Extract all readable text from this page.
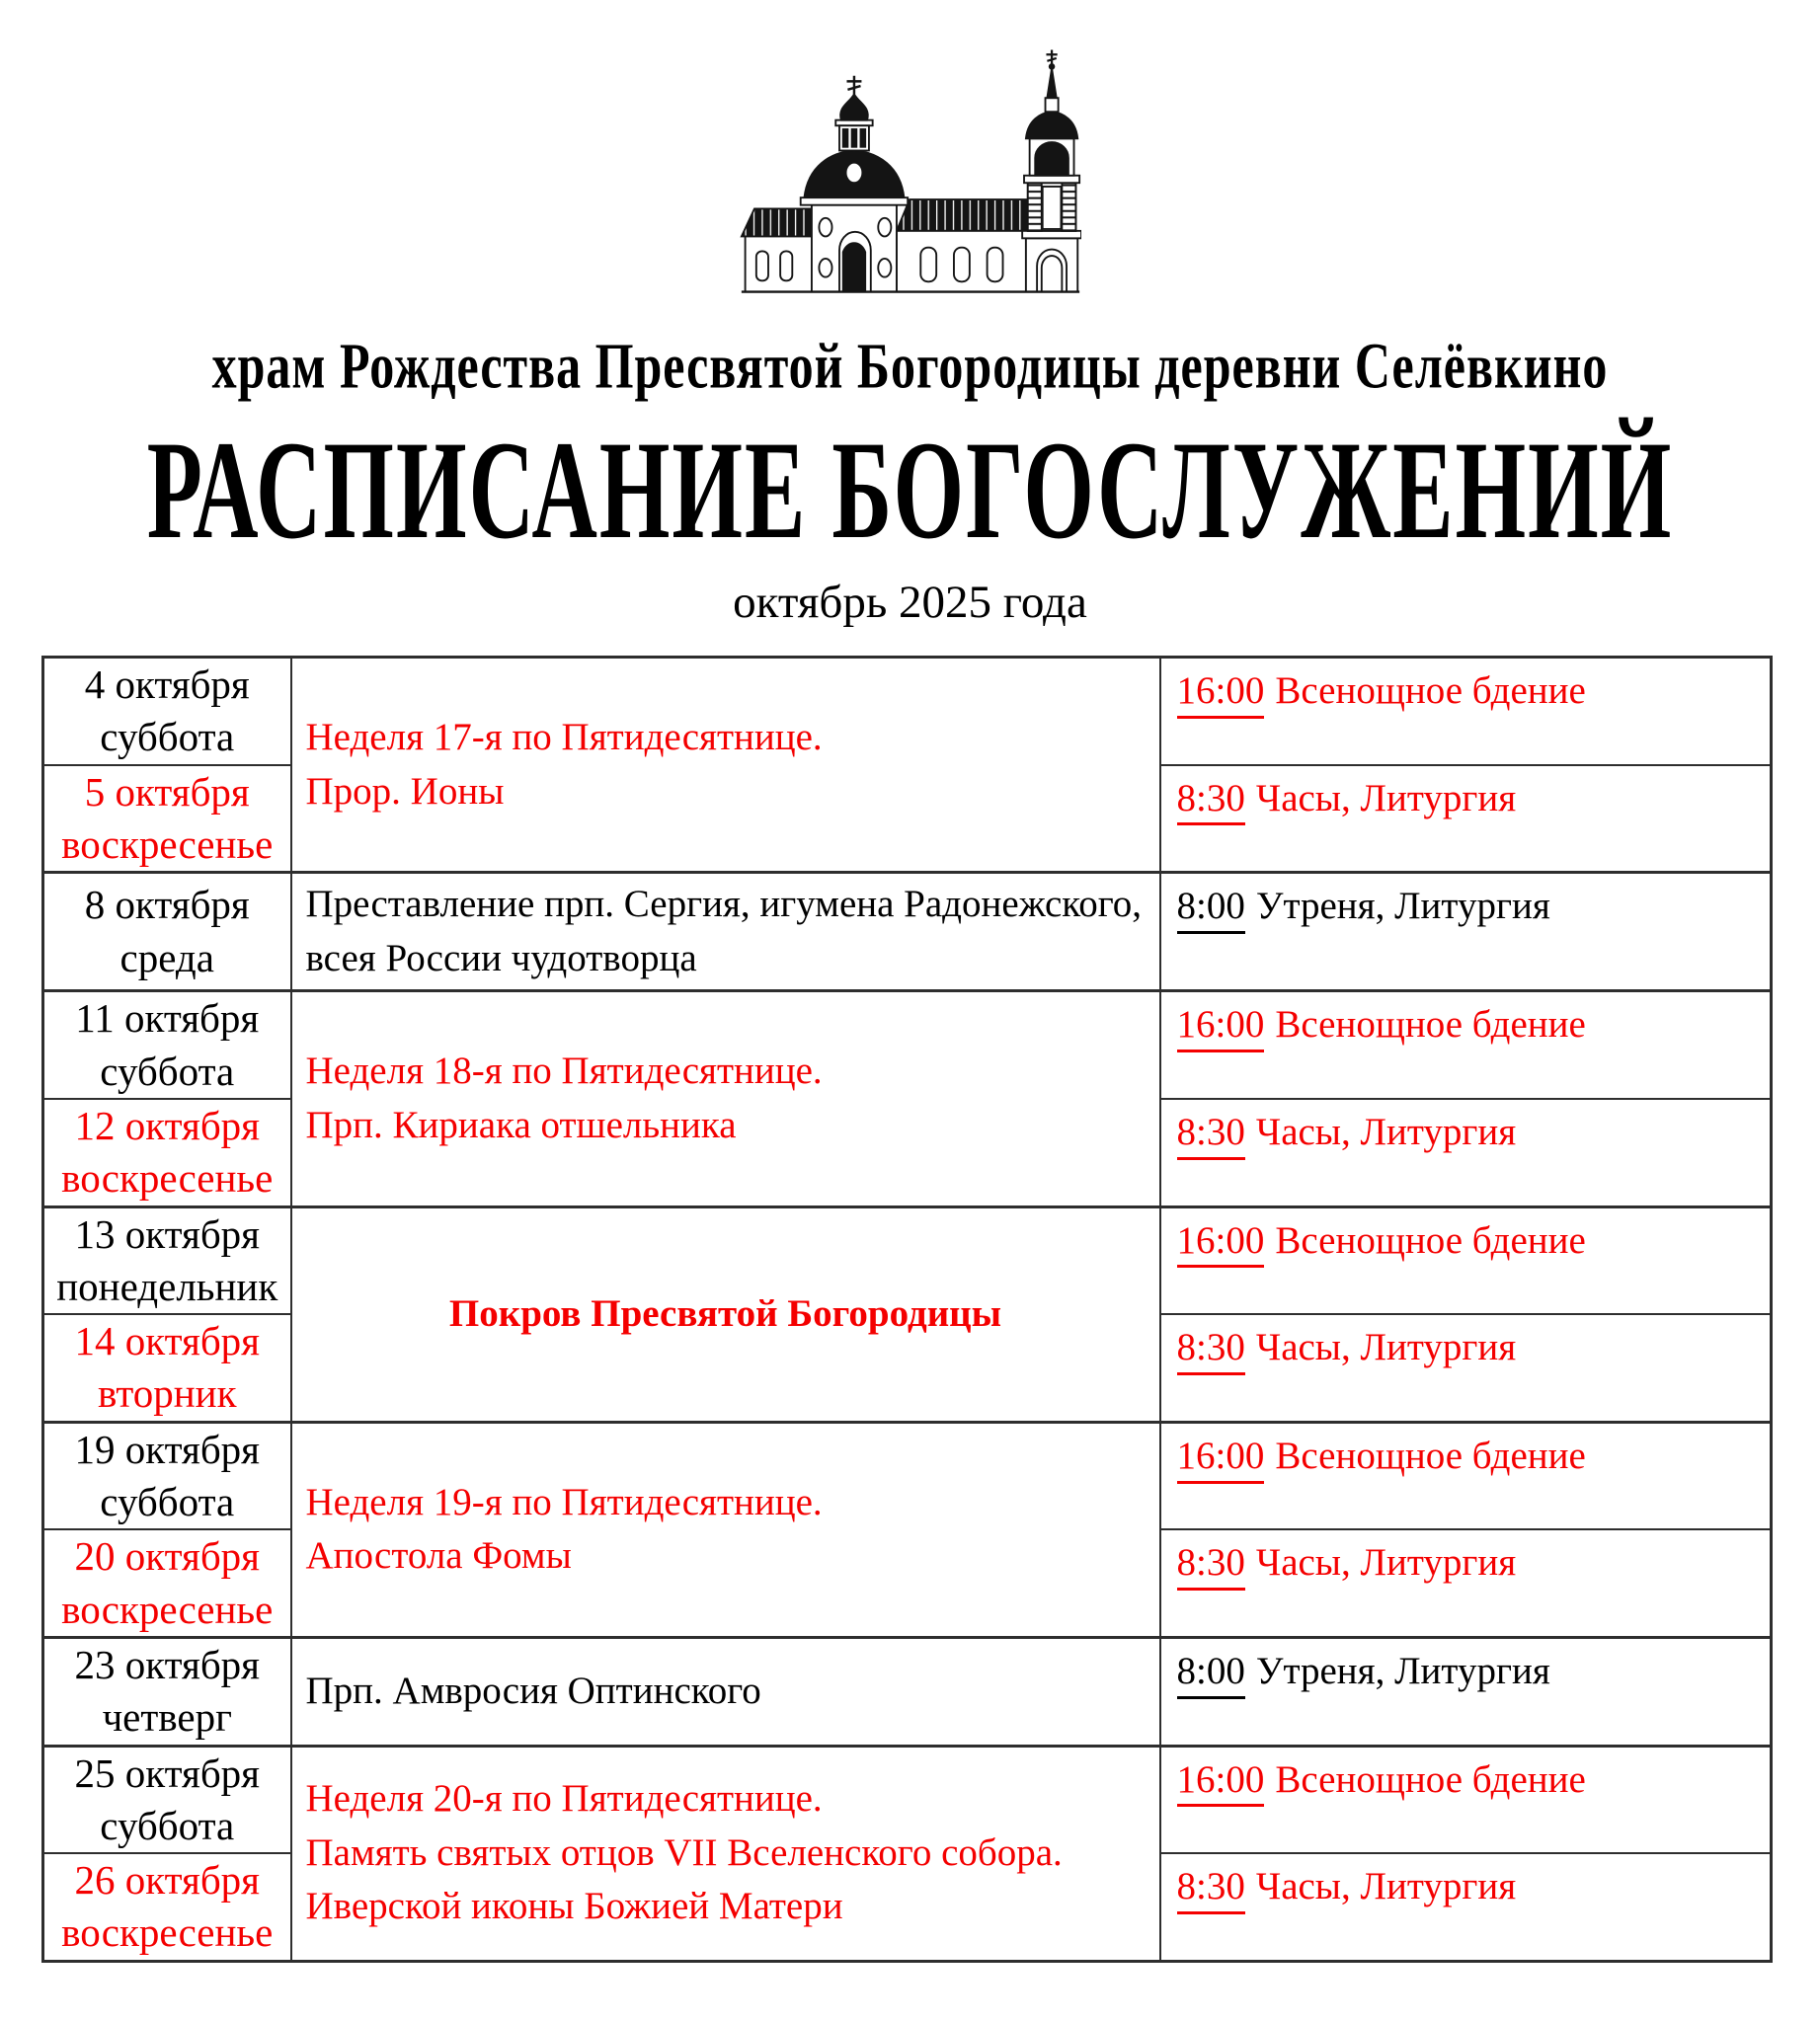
храм Рождества Пресвятой Богородицы деревни Селёвкино
РАСПИСАНИЕ БОГОСЛУЖЕНИЙ
октябрь 2025 года
4 октября
суббота	Неделя 17-я по Пятидесятнице.
Прор. Ионы
	16:00 Всенощное бдение

5 октября
воскресенье		8:30 Часы, Литургия

8 октября
среда	Преставление прп. Сергия, игумена Радонежского, всея России чудотворца	8:00 Утреня, Литургия

11 октября
суббота	Неделя 18-я по Пятидесятнице.
Прп. Кириака отшельника
	16:00 Всенощное бдение

12 октября
воскресенье		8:30 Часы, Литургия

13 октября
понедельник	Покров Пресвятой Богородицы	16:00 Всенощное бдение

14 октября
вторник		8:30 Часы, Литургия

19 октября
суббота	Неделя 19-я по Пятидесятнице.
Апостола Фомы
	16:00 Всенощное бдение

20 октября
воскресенье		8:30 Часы, Литургия

23 октября
четверг	Прп. Амвросия Оптинского	8:00 Утреня, Литургия

25 октября
суббота

Неделя 20-я по Пятидесятнице.
Память святых отцов VII Вселенского собора.
Иверской иконы Божией Матери
	16:00 Всенощное бдение

26 октября
воскресенье		8:30 Часы, Литургия
